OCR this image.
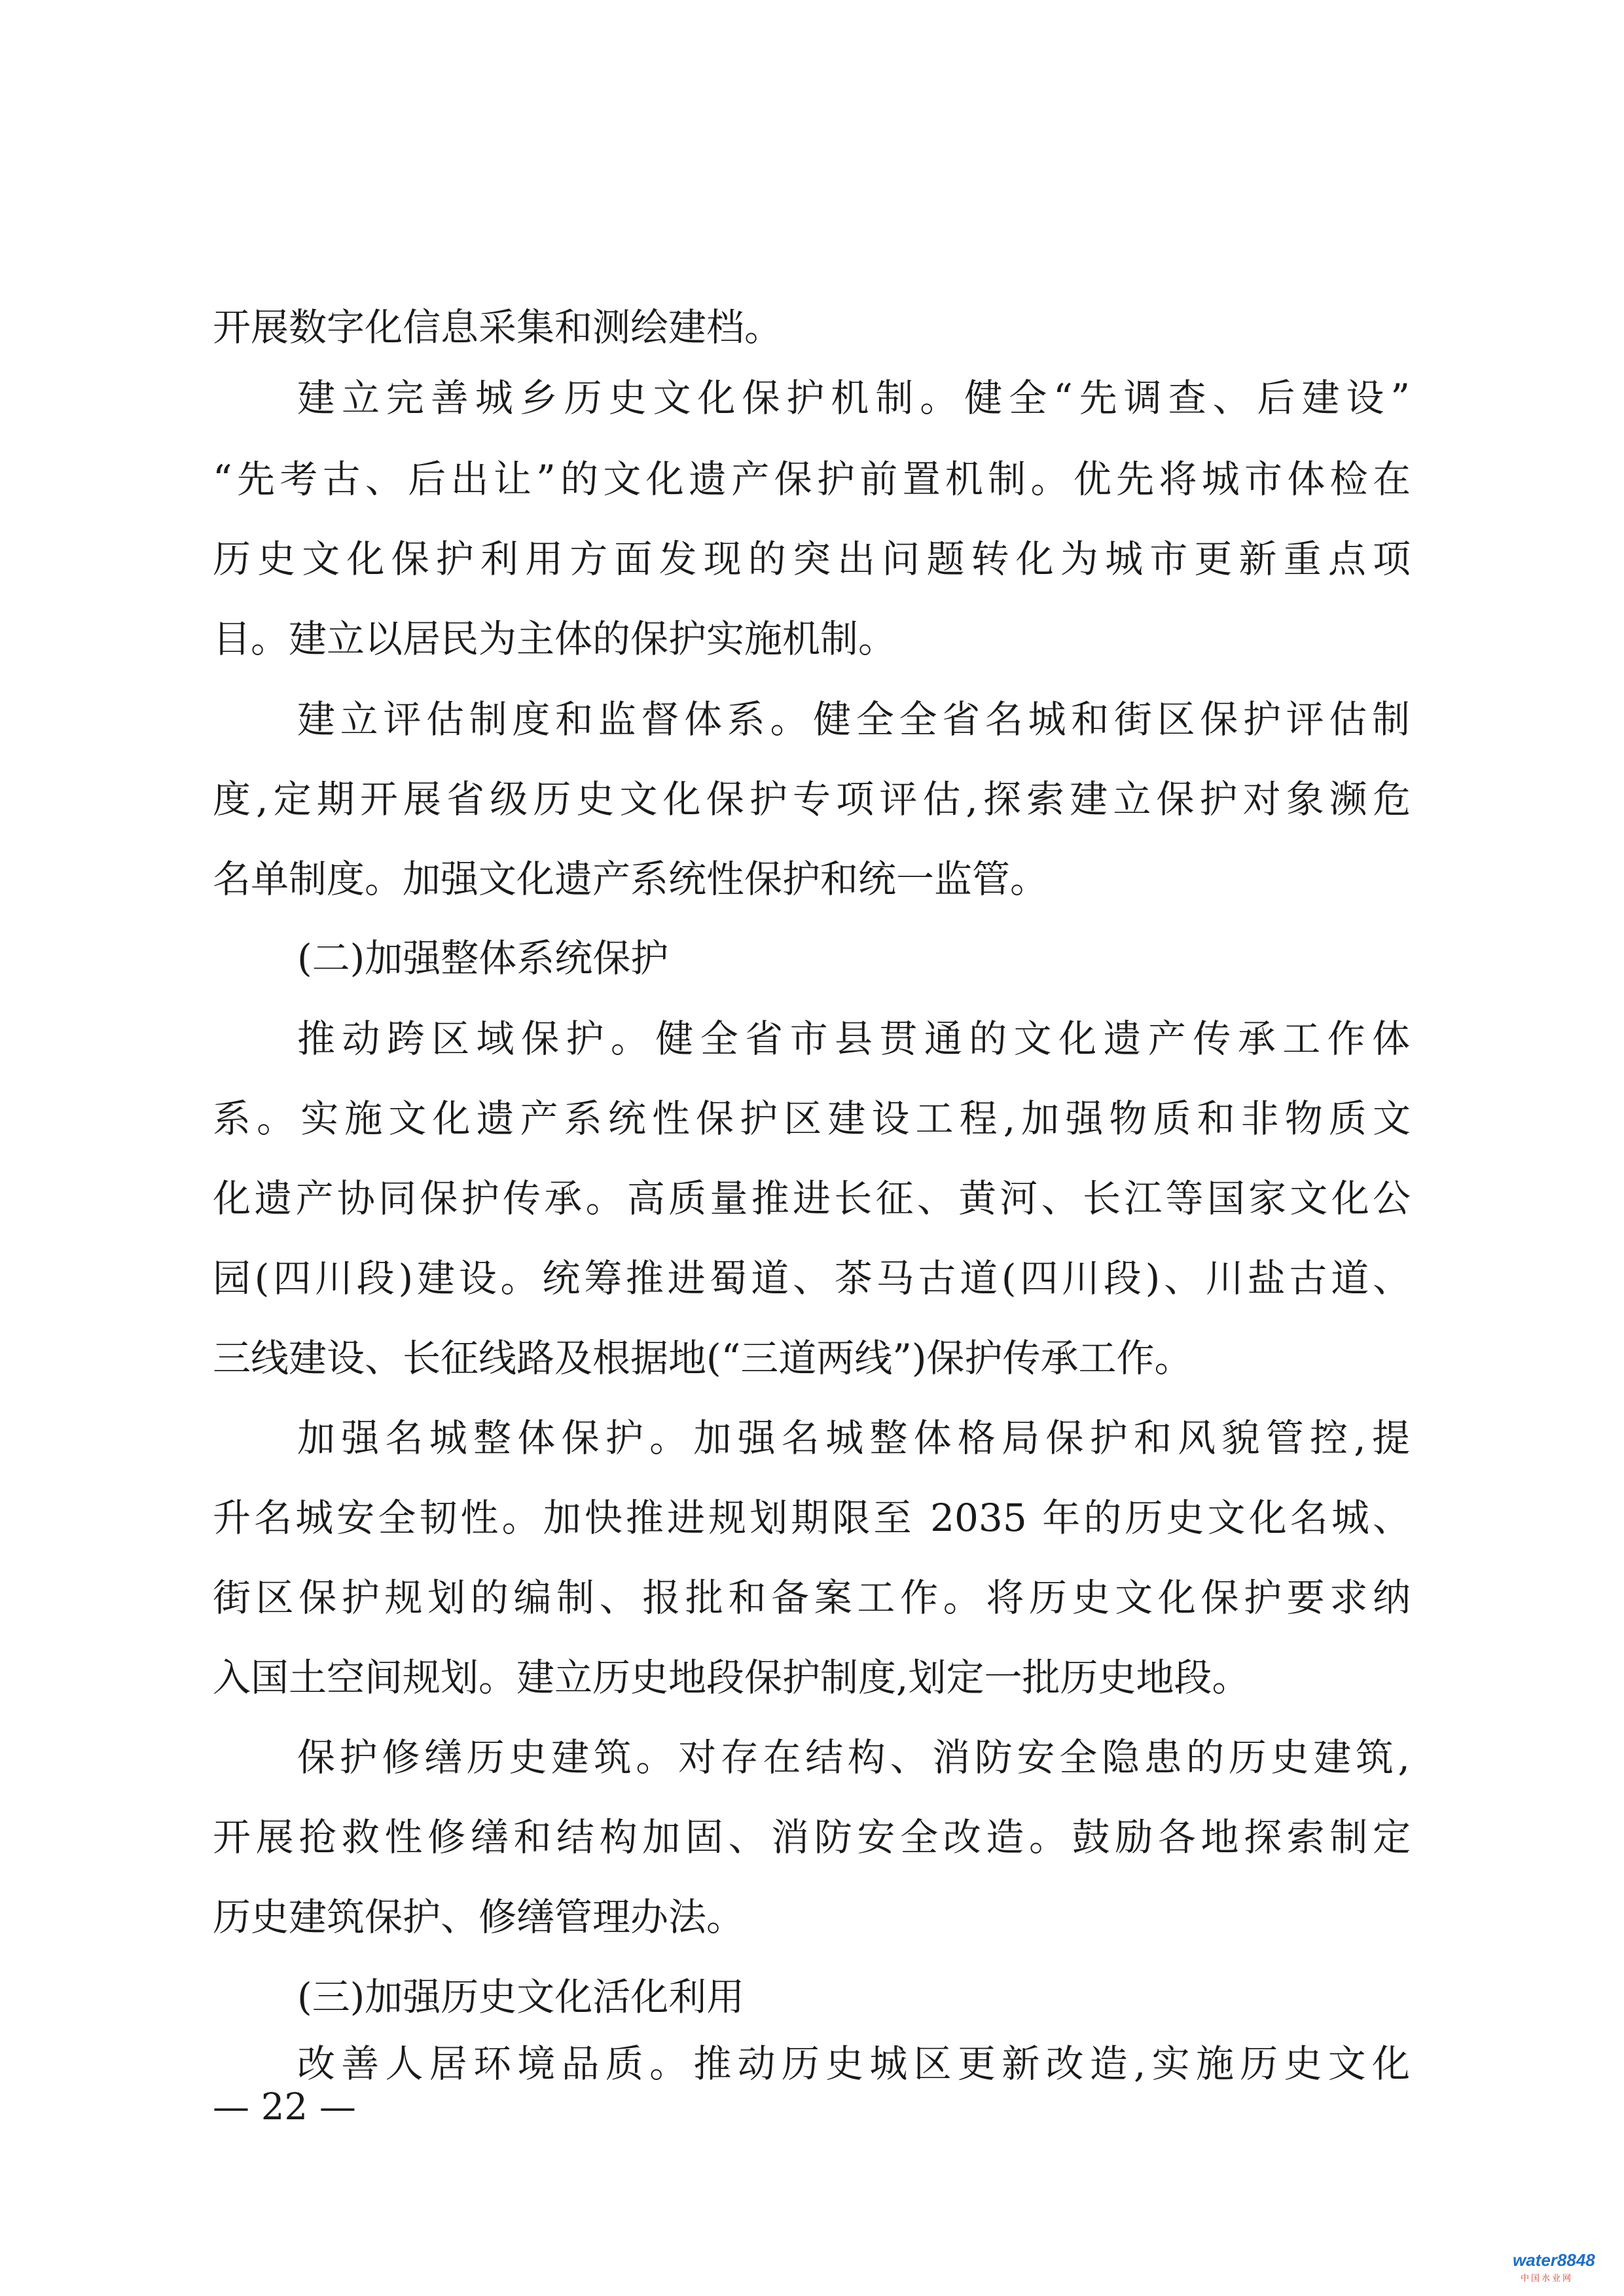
开展数字化信息采集和测绘建档。
建立完善城乡历史文化保护机制。健全“先调查、后建设”
“先考古、后出让”的文化遗产保护前置机制。优先将城市体检在
历史文化保护利用方面发现的突出问题转化为城市更新重点项
目。建立以居民为主体的保护实施机制。
建立评估制度和监督体系。健全全省名城和街区保护评估制
度,定期开展省级历史文化保护专项评估,探索建立保护对象濒危
名单制度。加强文化遗产系统性保护和统一监管。
(二)加强整体系统保护
推动跨区域保护。健全省市县贯通的文化遗产传承工作体
系。实施文化遗产系统性保护区建设工程,加强物质和非物质文
化遗产协同保护传承。高质量推进长征、黄河、长江等国家文化公
园(四川段)建设。统筹推进蜀道、茶马古道(四川段)、川盐古道、
三线建设、长征线路及根据地(“三道两线”)保护传承工作。
加强名城整体保护。加强名城整体格局保护和风貌管控,提
升名城安全韧性。加快推进规划期限至 2035 年的历史文化名城、
街区保护规划的编制、报批和备案工作。将历史文化保护要求纳
入国土空间规划。建立历史地段保护制度,划定一批历史地段。
保护修缮历史建筑。对存在结构、消防安全隐患的历史建筑,
开展抢救性修缮和结构加固、消防安全改造。鼓励各地探索制定
历史建筑保护、修缮管理办法。
(三)加强历史文化活化利用
改善人居环境品质。推动历史城区更新改造,实施历史文化
— 22 —
water8848
中国水业网
